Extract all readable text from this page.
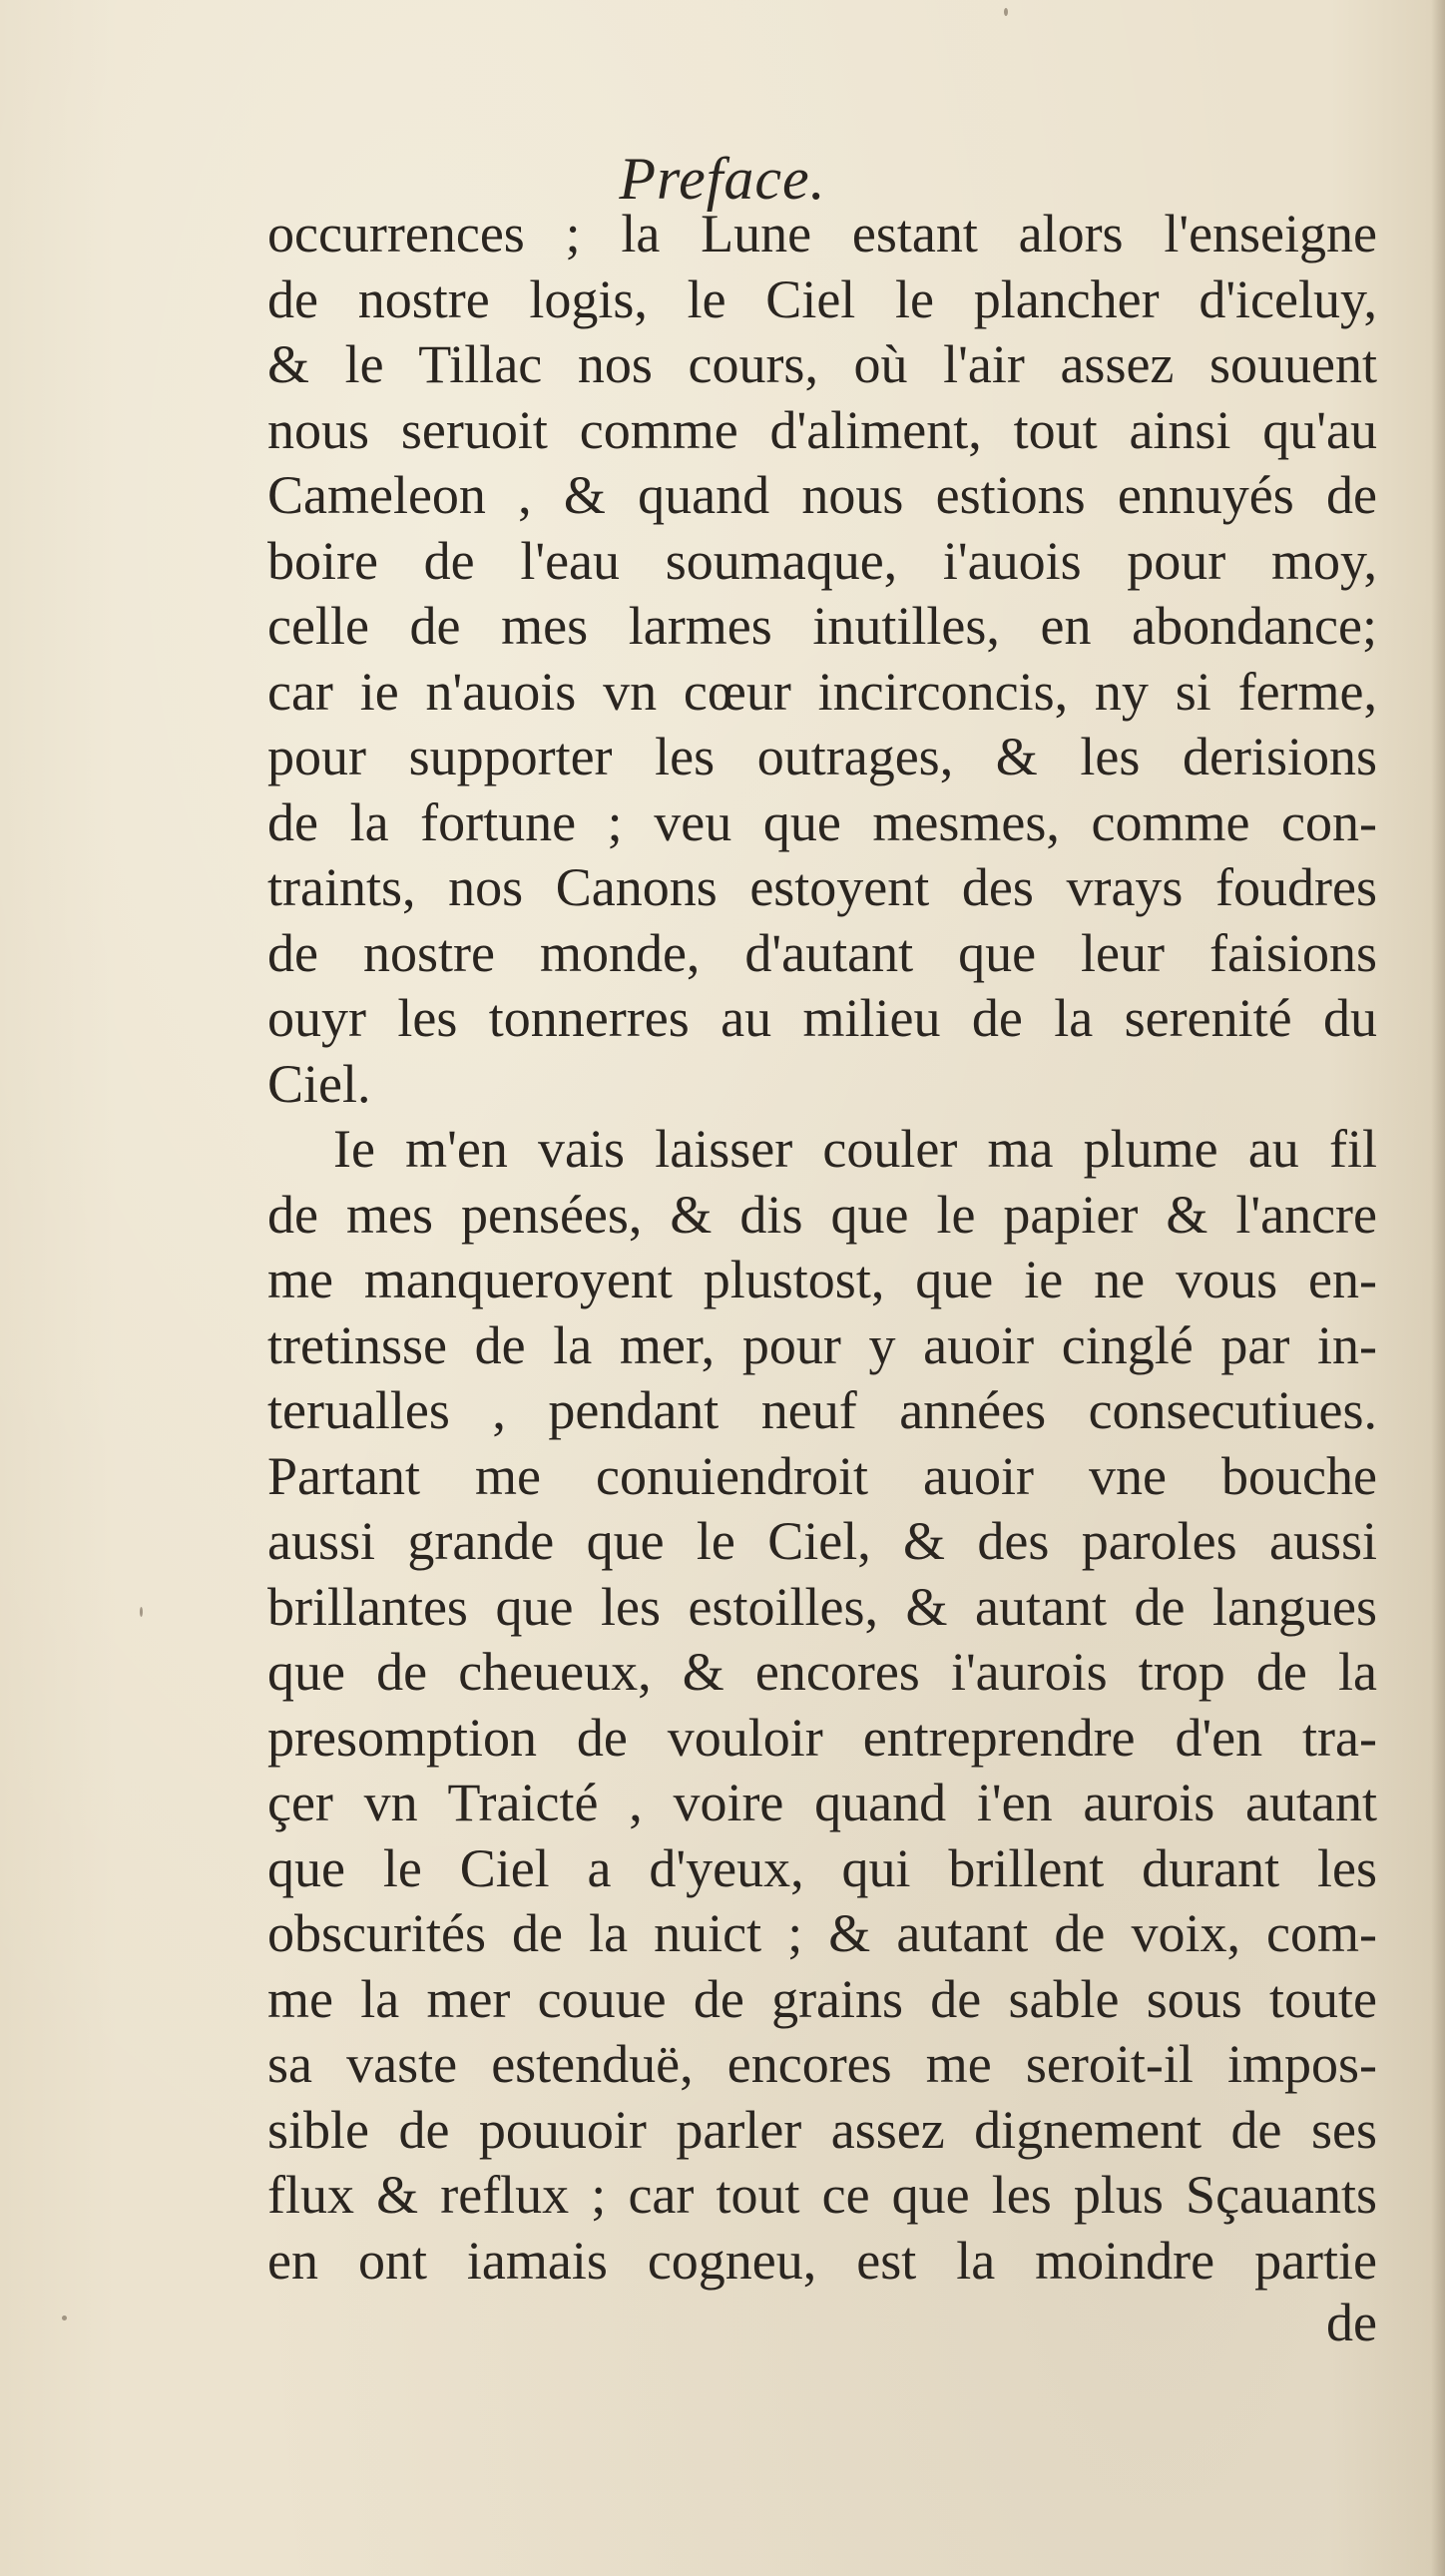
Preface.
occurrences ; la Lune estant alors l'enseigne
de nostre logis, le Ciel le plancher d'iceluy,
& le Tillac nos cours, où l'air assez souuent
nous seruoit comme d'aliment, tout ainsi qu'au
Cameleon , & quand nous estions ennuyés de
boire de l'eau soumaque, i'auois pour moy,
celle de mes larmes inutilles, en abondance;
car ie n'auois vn cœur incirconcis, ny si ferme,
pour supporter les outrages, & les derisions
de la fortune ; veu que mesmes, comme con-
traints, nos Canons estoyent des vrays foudres
de nostre monde, d'autant que leur faisions
ouyr les tonnerres au milieu de la serenité du
Ciel.
Ie m'en vais laisser couler ma plume au fil
de mes pensées, & dis que le papier & l'ancre
me manqueroyent plustost, que ie ne vous en-
tretinsse de la mer, pour y auoir cinglé par in-
terualles , pendant neuf années consecutiues.
Partant me conuiendroit auoir vne bouche
aussi grande que le Ciel, & des paroles aussi
brillantes que les estoilles, & autant de langues
que de cheueux, & encores i'aurois trop de la
presomption de vouloir entreprendre d'en tra-
çer vn Traicté , voire quand i'en aurois autant
que le Ciel a d'yeux, qui brillent durant les
obscurités de la nuict ; & autant de voix, com-
me la mer couue de grains de sable sous toute
sa vaste estenduë, encores me seroit-il impos-
sible de pouuoir parler assez dignement de ses
flux & reflux ; car tout ce que les plus Sçauants
en ont iamais cogneu, est la moindre partie
de
